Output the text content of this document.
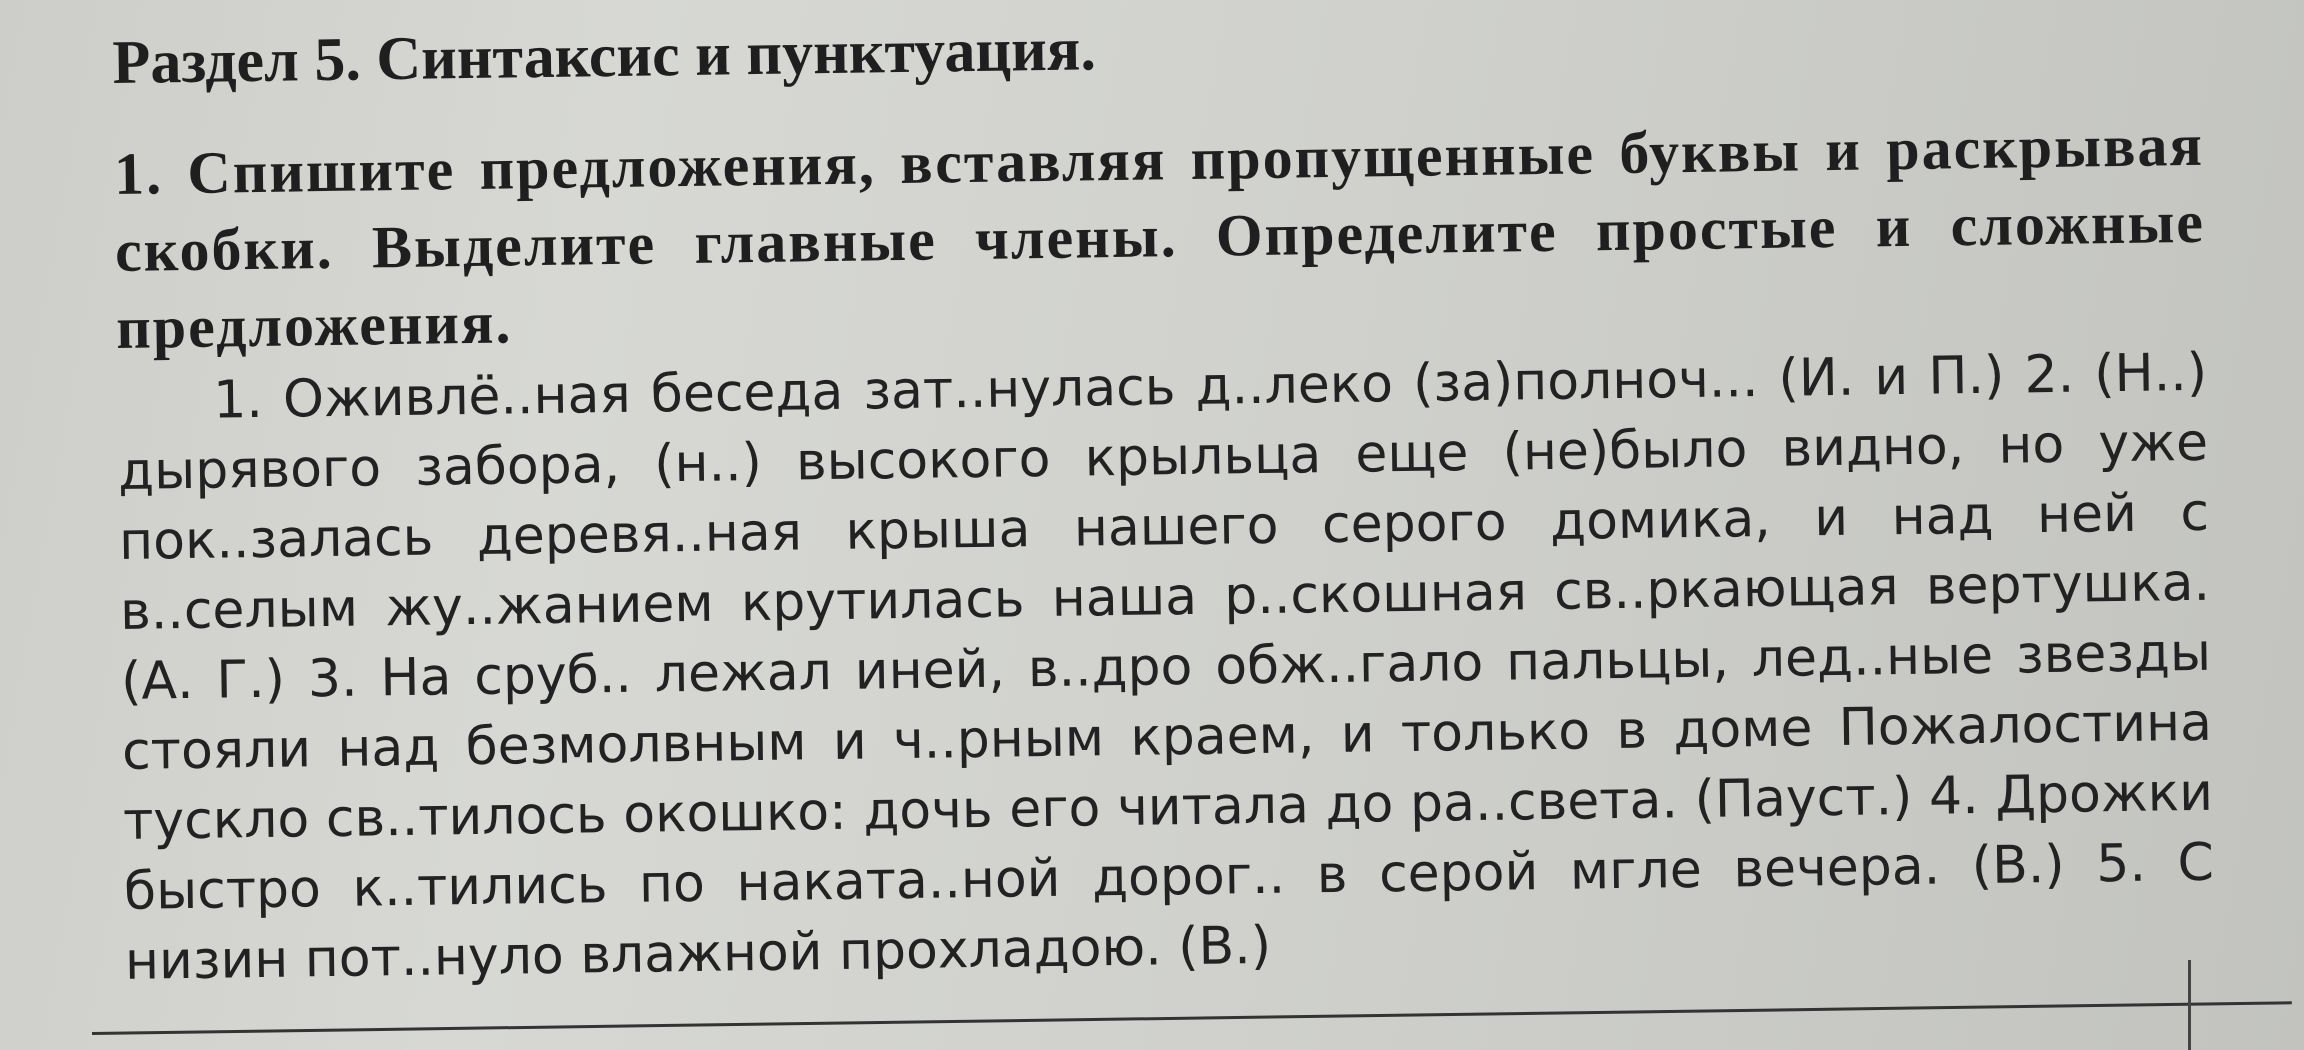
Раздел 5. Синтаксис и пунктуация.

1. Спишите предложения, вставляя пропущенные буквы и раскрывая скобки. Выделите главные члены. Определите простые и сложные предложения.

1. Оживлё..ная беседа зат..нулась д..леко (за)полноч... (И. и П.) 2. (Н..) дырявого забора, (н..) высокого крыльца еще (не)было видно, но уже пок..залась деревя..ная крыша нашего серого домика, и над ней с в..селым жу..жанием крутилась наша р..скошная св..ркающая вертушка. (А. Г.) 3. На сруб.. лежал иней, в..дро обж..гало пальцы, лед..ные звезды стояли над безмолвным и ч..рным краем, и только в доме Пожалостина тускло св..тилось окошко: дочь его читала до ра..света. (Пауст.) 4. Дрожки быстро к..тились по наката..ной дорог.. в серой мгле вечера. (В.) 5. С низин пот..нуло влажной прохладою. (В.)
